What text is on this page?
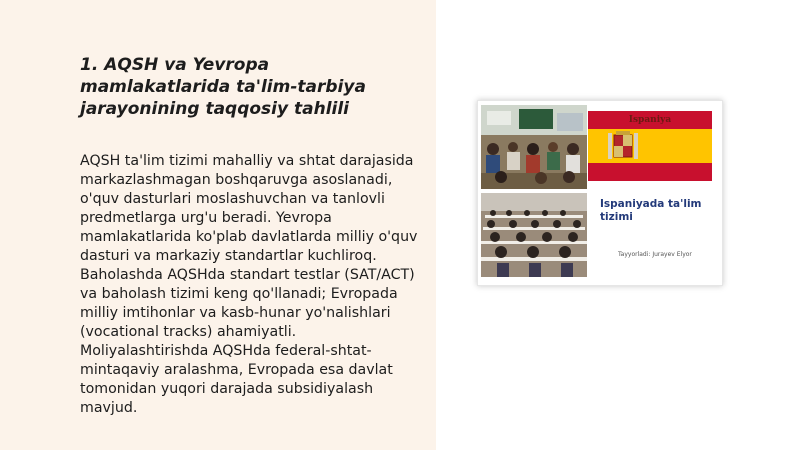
1. AQSH va Yevropa mamlakatlarida ta'lim-tarbiya jarayonining taqqosiy tahlili
AQSH ta'lim tizimi mahalliy va shtat darajasida markazlashmagan boshqaruvga asoslanadi, o'quv dasturlari moslashuvchan va tanlovli predmetlarga urg'u beradi. Yevropa mamlakatlarida ko'plab davlatlarda milliy o'quv dasturi va markaziy standartlar kuchliroq. Baholashda AQSHda standart testlar (SAT/ACT) va baholash tizimi keng qo'llanadi; Evropada milliy imtihonlar va kasb-hunar yo'nalishlari (vocational tracks) ahamiyatli. Moliyalashtirishda AQSHda federal-shtat-mintaqaviy aralashma, Evropada esa davlat tomonidan yuqori darajada subsidiyalash mavjud.
Ispaniya
Ispaniyada ta'lim tizimi
Tayyorladi: Jurayev Elyor
